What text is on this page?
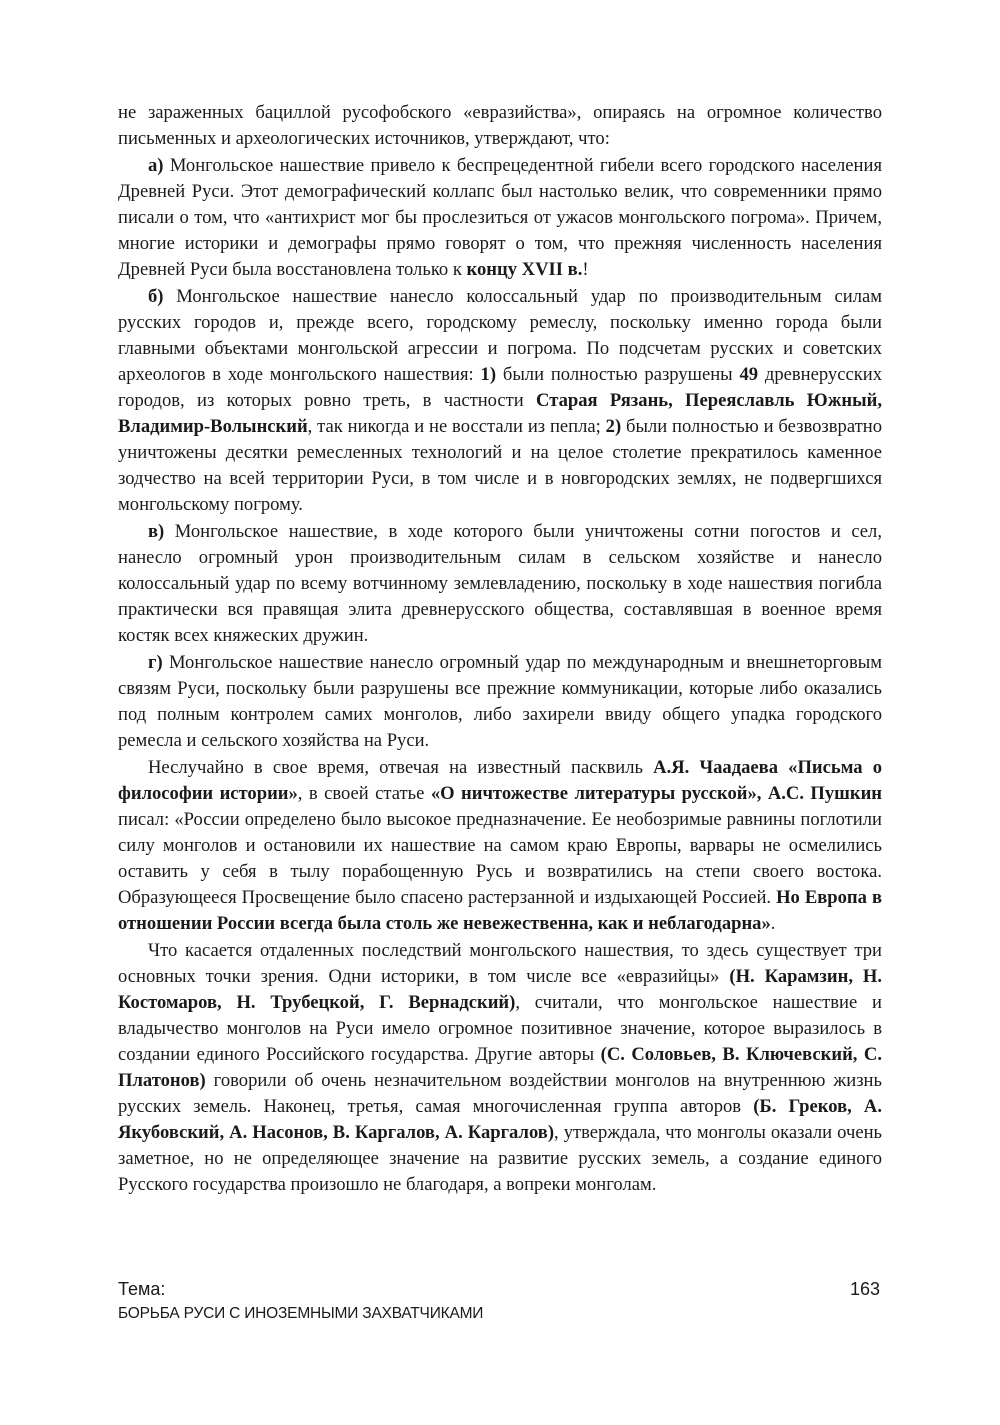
не зараженных бациллой русофобского «евразийства», опираясь на огромное количество письменных и археологических источников, утверждают, что:

а) Монгольское нашествие привело к беспрецедентной гибели всего городского населения Древней Руси. Этот демографический коллапс был настолько велик, что современники прямо писали о том, что «антихрист мог бы прослезиться от ужасов монгольского погрома». Причем, многие историки и демографы прямо говорят о том, что прежняя численность населения Древней Руси была восстановлена только к концу XVII в.!

б) Монгольское нашествие нанесло колоссальный удар по производительным силам русских городов и, прежде всего, городскому ремеслу, поскольку именно города были главными объектами монгольской агрессии и погрома. По подсчетам русских и советских археологов в ходе монгольского нашествия: 1) были полностью разрушены 49 древнерусских городов, из которых ровно треть, в частности Старая Рязань, Переяславль Южный, Владимир-Волынский, так никогда и не восстали из пепла; 2) были полностью и безвозвратно уничтожены десятки ремесленных технологий и на целое столетие прекратилось каменное зодчество на всей территории Руси, в том числе и в новгородских землях, не подвергшихся монгольскому погрому.

в) Монгольское нашествие, в ходе которого были уничтожены сотни погостов и сел, нанесло огромный урон производительным силам в сельском хозяйстве и нанесло колоссальный удар по всему вотчинному землевладению, поскольку в ходе нашествия погибла практически вся правящая элита древнерусского общества, составлявшая в военное время костяк всех княжеских дружин.

г) Монгольское нашествие нанесло огромный удар по международным и внешнеторговым связям Руси, поскольку были разрушены все прежние коммуникации, которые либо оказались под полным контролем самих монголов, либо захирели ввиду общего упадка городского ремесла и сельского хозяйства на Руси.

Неслучайно в свое время, отвечая на известный пасквиль А.Я. Чаадаева «Письма о философии истории», в своей статье «О ничтожестве литературы русской», А.С. Пушкин писал: «России определено было высокое предназначение. Ее необозримые равнины поглотили силу монголов и остановили их нашествие на самом краю Европы, варвары не осмелились оставить у себя в тылу порабощенную Русь и возвратились на степи своего востока. Образующееся Просвещение было спасено растерзанной и издыхающей Россией. Но Европа в отношении России всегда была столь же невежественна, как и неблагодарна».

Что касается отдаленных последствий монгольского нашествия, то здесь существует три основных точки зрения. Одни историки, в том числе все «евразийцы» (Н. Карамзин, Н. Костомаров, Н. Трубецкой, Г. Вернадский), считали, что монгольское нашествие и владычество монголов на Руси имело огромное позитивное значение, которое выразилось в создании единого Российского государства. Другие авторы (С. Соловьев, В. Ключевский, С. Платонов) говорили об очень незначительном воздействии монголов на внутреннюю жизнь русских земель. Наконец, третья, самая многочисленная группа авторов (Б. Греков, А. Якубовский, А. Насонов, В. Каргалов, А. Каргалов), утверждала, что монголы оказали очень заметное, но не определяющее значение на развитие русских земель, а создание единого Русского государства произошло не благодаря, а вопреки монголам.

Тема:
БОРЬБА РУСИ С ИНОЗЕМНЫМИ ЗАХВАТЧИКАМИ
163
